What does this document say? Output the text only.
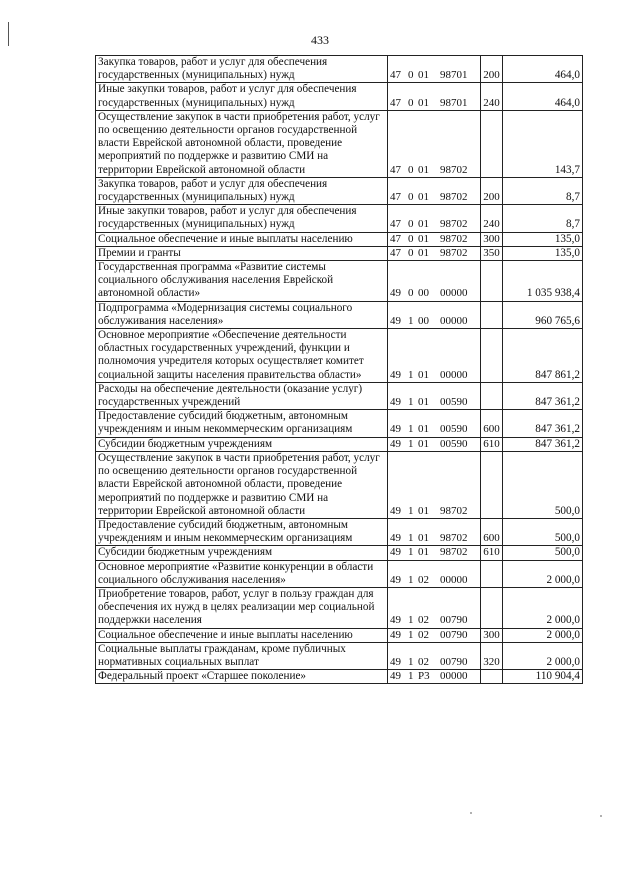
433
Закупка товаров, работ и услуг для обеспечения государственных (муниципальных) нужд	47 0 01 98701	200	464,0
Иные закупки товаров, работ и услуг для обеспечения государственных (муниципальных) нужд	47 0 01 98701	240	464,0
Осуществление закупок в части приобретения работ, услуг по освещению деятельности органов государственной власти Еврейской автономной области, проведение мероприятий по поддержке и развитию СМИ на территории Еврейской автономной области	47 0 01 98702		143,7
Закупка товаров, работ и услуг для обеспечения государственных (муниципальных) нужд	47 0 01 98702	200	8,7
Иные закупки товаров, работ и услуг для обеспечения государственных (муниципальных) нужд	47 0 01 98702	240	8,7
Социальное обеспечение и иные выплаты населению	47 0 01 98702	300	135,0
Премии и гранты	47 0 01 98702	350	135,0
Государственная программа «Развитие системы социального обслуживания населения Еврейской автономной области»	49 0 00 00000		1 035 938,4
Подпрограмма «Модернизация системы социального обслуживания населения»	49 1 00 00000		960 765,6
Основное мероприятие «Обеспечение деятельности областных государственных учреждений, функции и полномочия учредителя которых осуществляет комитет социальной защиты населения правительства области»	49 1 01 00000		847 861,2
Расходы на обеспечение деятельности (оказание услуг) государственных учреждений	49 1 01 00590		847 361,2
Предоставление субсидий бюджетным, автономным учреждениям и иным некоммерческим организациям	49 1 01 00590	600	847 361,2
Субсидии бюджетным учреждениям	49 1 01 00590	610	847 361,2
Осуществление закупок в части приобретения работ, услуг по освещению деятельности органов государственной власти Еврейской автономной области, проведение мероприятий по поддержке и развитию СМИ на территории Еврейской автономной области	49 1 01 98702		500,0
Предоставление субсидий бюджетным, автономным учреждениям и иным некоммерческим организациям	49 1 01 98702	600	500,0
Субсидии бюджетным учреждениям	49 1 01 98702	610	500,0
Основное мероприятие «Развитие конкуренции в области социального обслуживания населения»	49 1 02 00000		2 000,0
Приобретение товаров, работ, услуг в пользу граждан для обеспечения их нужд в целях реализации мер социальной поддержки населения	49 1 02 00790		2 000,0
Социальное обеспечение и иные выплаты населению	49 1 02 00790	300	2 000,0
Социальные выплаты гражданам, кроме публичных нормативных социальных выплат	49 1 02 00790	320	2 000,0
Федеральный проект «Старшее поколение»	49 1 P3 00000		110 904,4
